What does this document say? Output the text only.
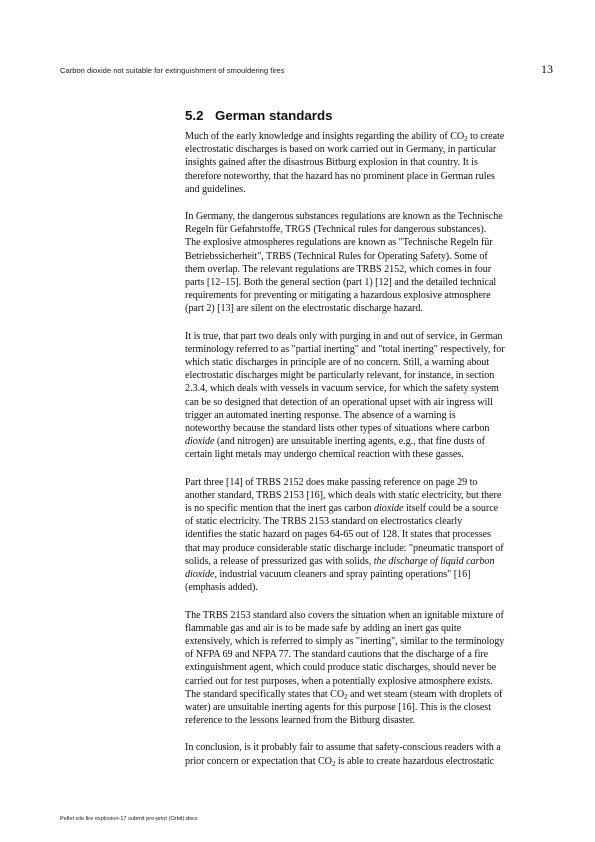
Carbon dioxide not suitable for extinguishment of smouldering fires	13
5.2 German standards

Much of the early knowledge and insights regarding the ability of $CO_2$ to create
electrostatic discharges is based on work carried out in Germany, in particular
insights gained after the disastrous Bitburg explosion in that country. It is
therefore noteworthy, that the hazard has no prominent place in German rules
and guidelines.

In Germany, the dangerous substances regulations are known as the Technische
Regeln für Gefahrstoffe, TRGS (Technical rules for dangerous substances).
The explosive atmospheres regulations are known as "Technische Regeln für
Betriebssicherheit", TRBS (Technical Rules for Operating Safety). Some of
them overlap. The relevant regulations are TRBS 2152, which comes in four
parts [12–15]. Both the general section (part 1) [12] and the detailed technical
requirements for preventing or mitigating a hazardous explosive atmosphere
(part 2) [13] are silent on the electrostatic discharge hazard.

It is true, that part two deals only with purging in and out of service, in German
terminology referred to as "partial inerting" and "total inerting" respectively, for
which static discharges in principle are of no concern. Still, a warning about
electrostatic discharges might be particularly relevant, for instance, in section
2.3.4, which deals with vessels in vacuum service, for which the safety system
can be so designed that detection of an operational upset with air ingress will
trigger an automated inerting response. The absence of a warning is
noteworthy because the standard lists other types of situations where carbon
dioxide (and nitrogen) are unsuitable inerting agents, e.g., that fine dusts of
certain light metals may undergo chemical reaction with these gasses.

Part three [14] of TRBS 2152 does make passing reference on page 29 to
another standard, TRBS 2153 [16], which deals with static electricity, but there
is no specific mention that the inert gas carbon dioxide itself could be a source
of static electricity. The TRBS 2153 standard on electrostatics clearly
identifies the static hazard on pages 64-65 out of 128. It states that processes
that may produce considerable static discharge include: "pneumatic transport of
solids, a release of pressurized gas with solids, the discharge of liquid carbon
dioxide, industrial vacuum cleaners and spray painting operations" [16]
(emphasis added).

The TRBS 2153 standard also covers the situation when an ignitable mixture of
flammable gas and air is to be made safe by adding an inert gas quite
extensively, which is referred to simply as "inerting", similar to the terminology
of NFPA 69 and NFPA 77. The standard cautions that the discharge of a fire
extinguishment agent, which could produce static discharges, should never be
carried out for test purposes, when a potentially explosive atmosphere exists.
The standard specifically states that $CO_2$ and wet steam (steam with droplets of
water) are unsuitable inerting agents for this purpose [16]. This is the closest
reference to the lessons learned from the Bitburg disaster.

In conclusion, is it probably fair to assume that safety-conscious readers with a
prior concern or expectation that $CO_2$ is able to create hazardous electrostatic

Pellet silo fire explosion-17 submit pre-print (Orbit).docx
